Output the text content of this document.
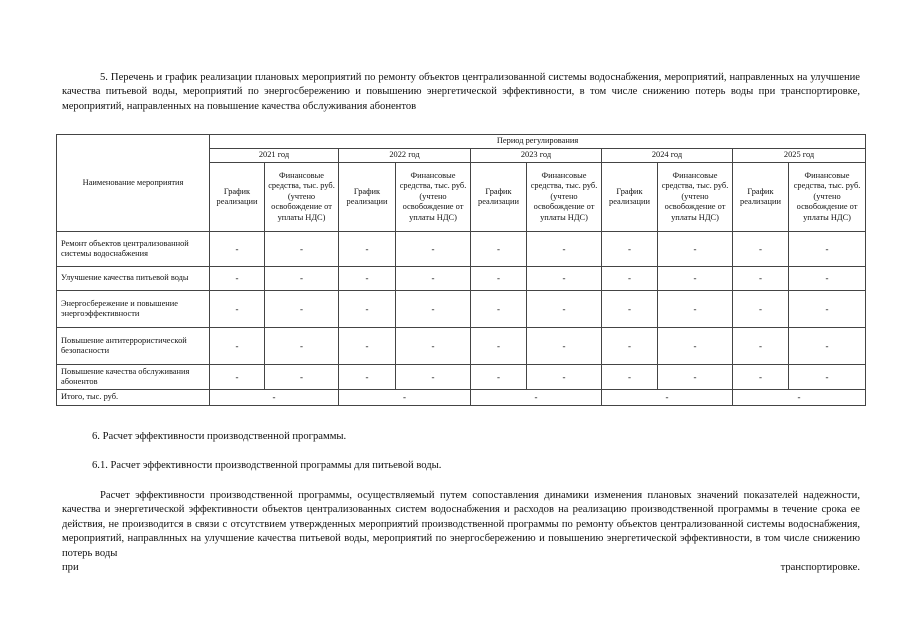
5. Перечень и график реализации плановых мероприятий по ремонту объектов централизованной системы водоснабжения, мероприятий, направленных на улучшение качества питьевой воды, мероприятий по энергосбережению и повышению энергетической эффективности, в том числе снижению потерь воды при транспортировке, мероприятий, направленных на повышение качества обслуживания абонентов
Наименование мероприятия	Период регулирования									
	2021 год		2022 год		2023 год		2024 год		2025 год	
	График реализации	Финансовые средства, тыс. руб. (учтено освобождение от уплаты НДС)	График реализации	Финансовые средства, тыс. руб. (учтено освобождение от уплаты НДС)	График реализации	Финансовые средства, тыс. руб. (учтено освобождение от уплаты НДС)	График реализации	Финансовые средства, тыс. руб. (учтено освобождение от уплаты НДС)	График реализации	Финансовые средства, тыс. руб. (учтено освобождение от уплаты НДС)
Ремонт объектов централизованной системы водоснабжения	-	-	-	-	-	-	-	-	-	-
Улучшение качества питьевой воды	-	-	-	-	-	-	-	-	-	-
Энергосбережение и повышение энергоэффективности	-	-	-	-	-	-	-	-	-	-
Повышение антитеррористической безопасности	-	-	-	-	-	-	-	-	-	-
Повышение качества обслуживания абонентов	-	-	-	-	-	-	-	-	-	-
Итого, тыс. руб.	-		-		-		-		-	
6. Расчет эффективности производственной программы.
6.1. Расчет эффективности производственной программы для питьевой воды.
Расчет эффективности производственной программы, осуществляемый путем сопоставления динамики изменения плановых значений показателей надежности, качества и энергетической эффективности объектов централизованных систем водоснабжения и расходов на реализацию производственной программы в течение срока ее действия, не производится в связи с отсутствием утвержденных мероприятий производственной программы по ремонту объектов централизованной системы водоснабжения, мероприятий, направлнных на улучшение качества питьевой воды, мероприятий по энергосбережению и повышению энергетической эффективности, в том числе снижению потерь воды
при	транспортировке.
